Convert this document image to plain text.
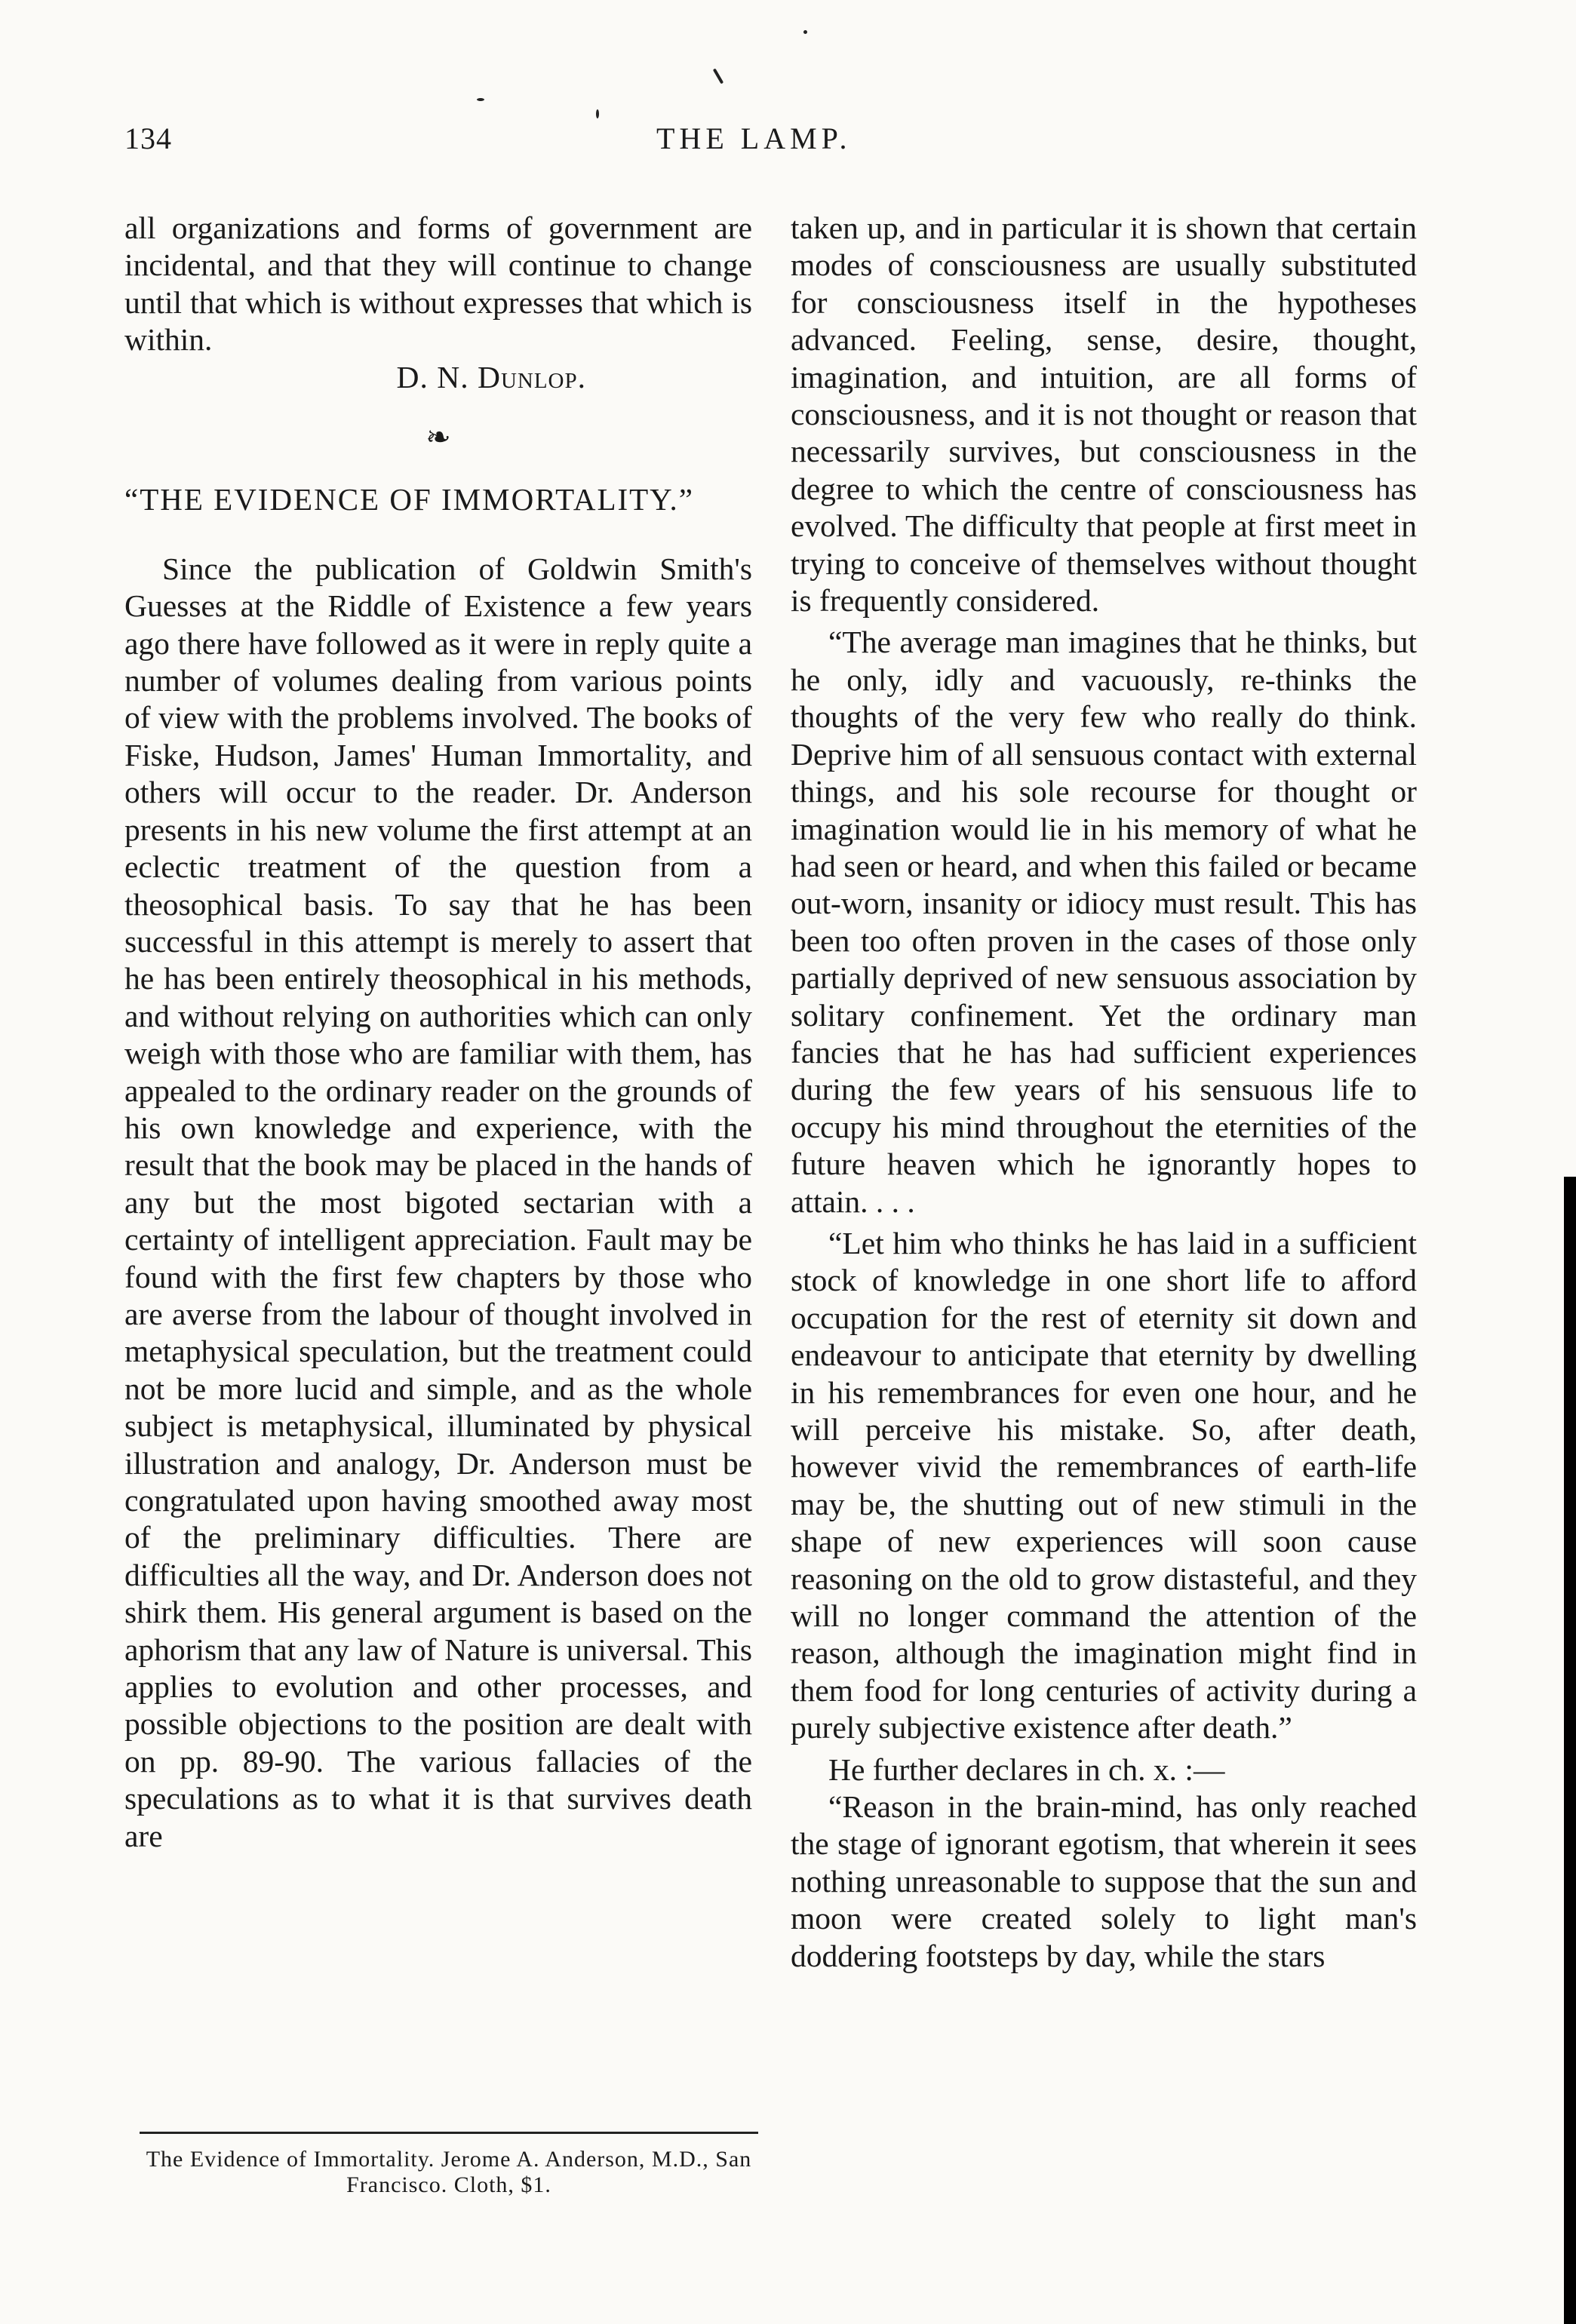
134	THE LAMP.

all organizations and forms of government are incidental, and that they will continue to change until that which is without expresses that which is within.

D. N. Dunlop.

❧

“THE EVIDENCE OF IMMORTALITY.”

Since the publication of Goldwin Smith's Guesses at the Riddle of Existence a few years ago there have followed as it were in reply quite a number of volumes dealing from various points of view with the problems involved. The books of Fiske, Hudson, James' Human Immortality, and others will occur to the reader. Dr. Anderson presents in his new volume the first attempt at an eclectic treatment of the question from a theosophical basis. To say that he has been successful in this attempt is merely to assert that he has been entirely theosophical in his methods, and without relying on authorities which can only weigh with those who are familiar with them, has appealed to the ordinary reader on the grounds of his own knowledge and experience, with the result that the book may be placed in the hands of any but the most bigoted sectarian with a certainty of intelligent appreciation. Fault may be found with the first few chapters by those who are averse from the labour of thought involved in metaphysical speculation, but the treatment could not be more lucid and simple, and as the whole subject is metaphysical, illuminated by physical illustration and analogy, Dr. Anderson must be congratulated upon having smoothed away most of the preliminary difficulties. There are difficulties all the way, and Dr. Anderson does not shirk them. His general argument is based on the aphorism that any law of Nature is universal. This applies to evolution and other processes, and possible objections to the position are dealt with on pp. 89-90. The various fallacies of the speculations as to what it is that survives death are

taken up, and in particular it is shown that certain modes of consciousness are usually substituted for consciousness itself in the hypotheses advanced. Feeling, sense, desire, thought, imagination, and intuition, are all forms of consciousness, and it is not thought or reason that necessarily survives, but consciousness in the degree to which the centre of consciousness has evolved. The difficulty that people at first meet in trying to conceive of themselves without thought is frequently considered.

“The average man imagines that he thinks, but he only, idly and vacuously, re-thinks the thoughts of the very few who really do think. Deprive him of all sensuous contact with external things, and his sole recourse for thought or imagination would lie in his memory of what he had seen or heard, and when this failed or became out-worn, insanity or idiocy must result. This has been too often proven in the cases of those only partially deprived of new sensuous association by solitary confinement. Yet the ordinary man fancies that he has had sufficient experiences during the few years of his sensuous life to occupy his mind throughout the eternities of the future heaven which he ignorantly hopes to attain. . . .

“Let him who thinks he has laid in a sufficient stock of knowledge in one short life to afford occupation for the rest of eternity sit down and endeavour to anticipate that eternity by dwelling in his remembrances for even one hour, and he will perceive his mistake. So, after death, however vivid the remembrances of earth-life may be, the shutting out of new stimuli in the shape of new experiences will soon cause reasoning on the old to grow distasteful, and they will no longer command the attention of the reason, although the imagination might find in them food for long centuries of activity during a purely subjective existence after death.”

He further declares in ch. x. :—

“Reason in the brain-mind, has only reached the stage of ignorant egotism, that wherein it sees nothing unreasonable to suppose that the sun and moon were created solely to light man's doddering footsteps by day, while the stars

The Evidence of Immortality. Jerome A. Anderson, M.D., San Francisco. Cloth, $1.
